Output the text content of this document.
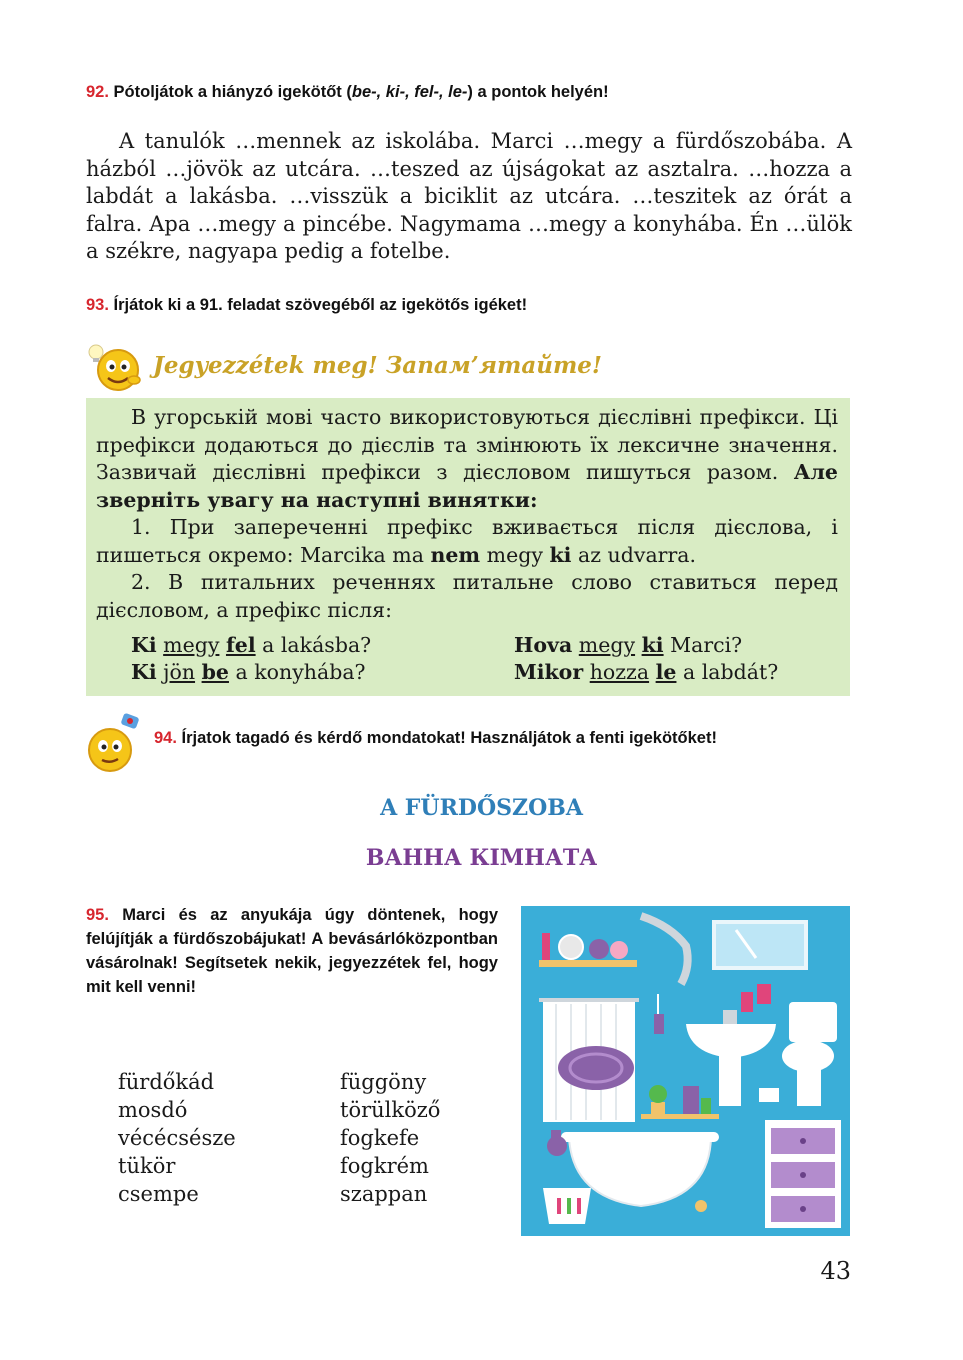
92. Pótoljátok a hiányzó igekötőt (be-, ki-, fel-, le-) a pontok helyén!

A tanulók …mennek az iskolába. Marci …megy a fürdőszobába. A házból …jövök az utcára. …teszed az újságokat az asztalra. …hozza a labdát a lakásba. …visszük a biciklit az utcára. …teszitek az órát a falra. Apa …megy a pincébe. Nagymama …megy a konyhába. Én …ülök a székre, nagyapa pedig a fotelbe.

93. Írjátok ki a 91. feladat szövegéből az igekötős igéket!
Jegyezzétek meg! Запам’ятайте!

В угорській мові часто використовуються дієслівні префікси. Ці префікси додаються до дієслів та змінюють їх лексичне значення. Зазвичай дієслівні префікси з дієсловом пишуться разом. Але зверніть увагу на наступні винятки:

1. При запереченні префікс вживається після дієслова, і пишеться окремо: Marcika ma nem megy ki az udvarra.

2. В питальних реченнях питальне слово ставиться перед дієсловом, а префікс після:

Ki megy fel a lakásba?	Hova megy ki Marci?
Ki jön be a konyhába?	Mikor hozza le a labdát?
94. Írjatok tagadó és kérdő mondatokat! Használjátok a fenti igekötőket!
A FÜRDŐSZOBA
ВАННА КІМНАТА
95. Marci és az anyukája úgy döntenek, hogy felújítják a fürdőszobájukat! A bevásárlóközpontban vásárolnak! Segítsetek nekik, jegyezzétek fel, hogy mit kell venni!
fürdőkád
mosdó
vécécsésze
tükör
csempe
függöny
törülköző
fogkefe
fogkrém
szappan
43
